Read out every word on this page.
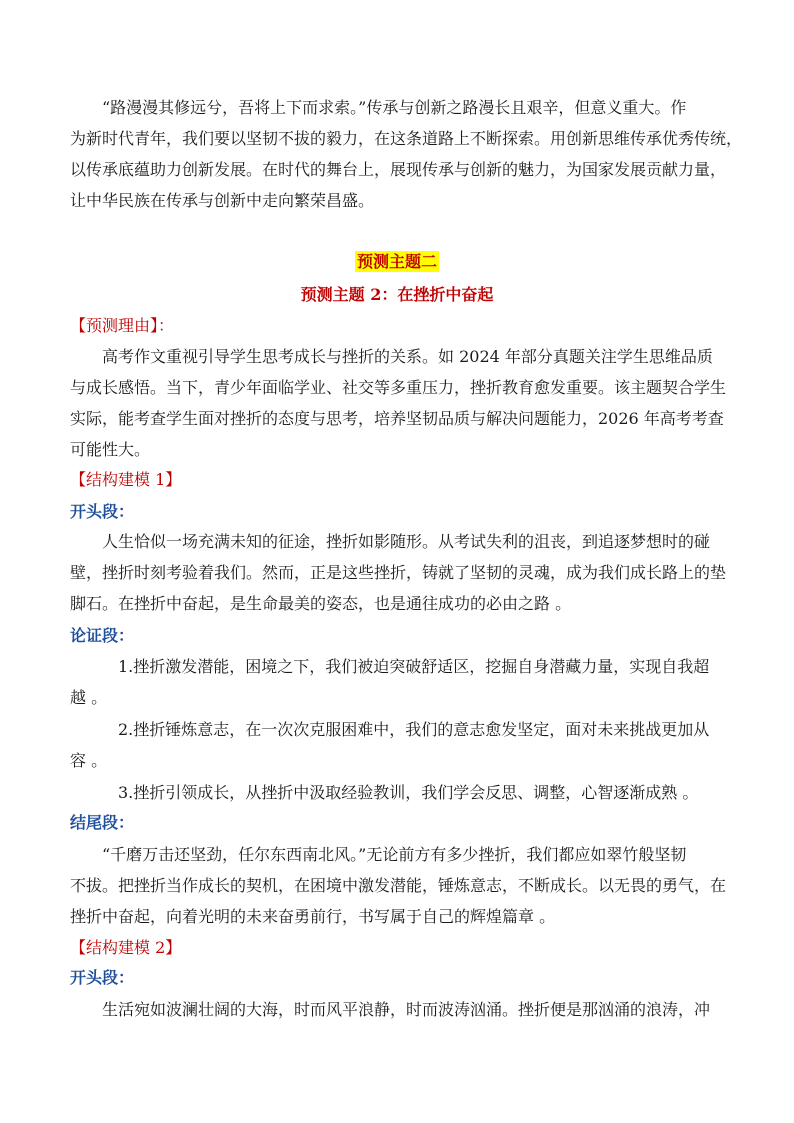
“路漫漫其修远兮，吾将上下而求索。”传承与创新之路漫长且艰辛，但意义重大。作
为新时代青年，我们要以坚韧不拔的毅力，在这条道路上不断探索。用创新思维传承优秀传统，
以传承底蕴助力创新发展。在时代的舞台上，展现传承与创新的魅力，为国家发展贡献力量，
让中华民族在传承与创新中走向繁荣昌盛。
预测主题二
预测主题 2：在挫折中奋起
【预测理由】：
高考作文重视引导学生思考成长与挫折的关系。如 2024 年部分真题关注学生思维品质
与成长感悟。当下，青少年面临学业、社交等多重压力，挫折教育愈发重要。该主题契合学生
实际，能考查学生面对挫折的态度与思考，培养坚韧品质与解决问题能力，2026 年高考考查
可能性大。
【结构建模 1】
开头段：
人生恰似一场充满未知的征途，挫折如影随形。从考试失利的沮丧，到追逐梦想时的碰
壁，挫折时刻考验着我们。然而，正是这些挫折，铸就了坚韧的灵魂，成为我们成长路上的垫
脚石。在挫折中奋起，是生命最美的姿态，也是通往成功的必由之路 。
论证段：
1.挫折激发潜能，困境之下，我们被迫突破舒适区，挖掘自身潜藏力量，实现自我超
越 。
2.挫折锤炼意志，在一次次克服困难中，我们的意志愈发坚定，面对未来挑战更加从
容 。
3.挫折引领成长，从挫折中汲取经验教训，我们学会反思、调整，心智逐渐成熟 。
结尾段：
“千磨万击还坚劲，任尔东西南北风。”无论前方有多少挫折，我们都应如翠竹般坚韧
不拔。把挫折当作成长的契机，在困境中激发潜能，锤炼意志，不断成长。以无畏的勇气，在
挫折中奋起，向着光明的未来奋勇前行，书写属于自己的辉煌篇章 。
【结构建模 2】
开头段：
生活宛如波澜壮阔的大海，时而风平浪静，时而波涛汹涌。挫折便是那汹涌的浪涛，冲
